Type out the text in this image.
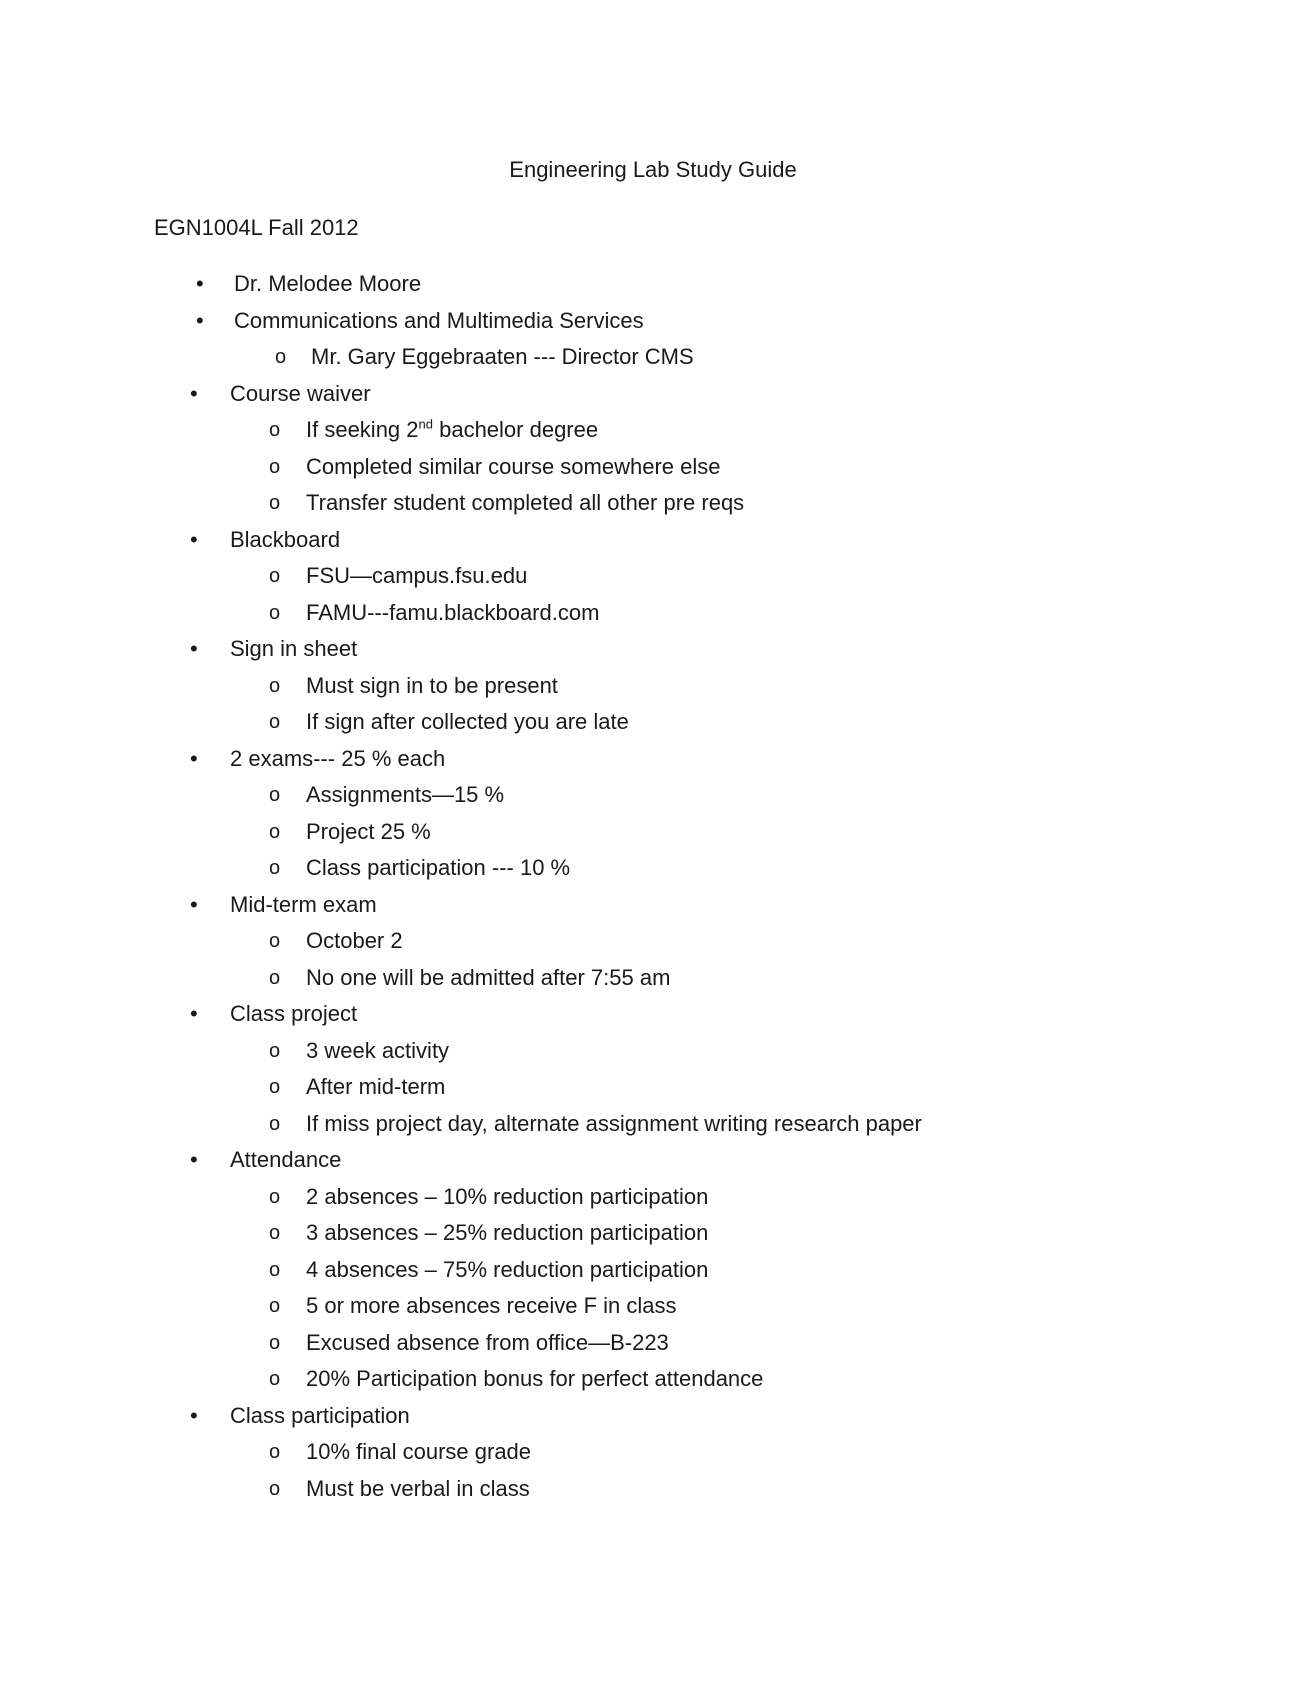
Engineering Lab Study Guide
EGN1004L Fall 2012
• Dr. Melodee Moore
• Communications and Multimedia Services
o Mr. Gary Eggebraaten --- Director CMS
• Course waiver
o If seeking 2nd bachelor degree
o Completed similar course somewhere else
o Transfer student completed all other pre reqs
• Blackboard
o FSU—campus.fsu.edu
o FAMU---famu.blackboard.com
• Sign in sheet
o Must sign in to be present
o If sign after collected you are late
• 2 exams--- 25 % each
o Assignments—15 %
o Project 25 %
o Class participation --- 10 %
• Mid-term exam
o October 2
o No one will be admitted after 7:55 am
• Class project
o 3 week activity
o After mid-term
o If miss project day, alternate assignment writing research paper
• Attendance
o 2 absences – 10% reduction participation
o 3 absences – 25% reduction participation
o 4 absences – 75% reduction participation
o 5 or more absences receive F in class
o Excused absence from office—B-223
o 20% Participation bonus for perfect attendance
• Class participation
o 10% final course grade
o Must be verbal in class
